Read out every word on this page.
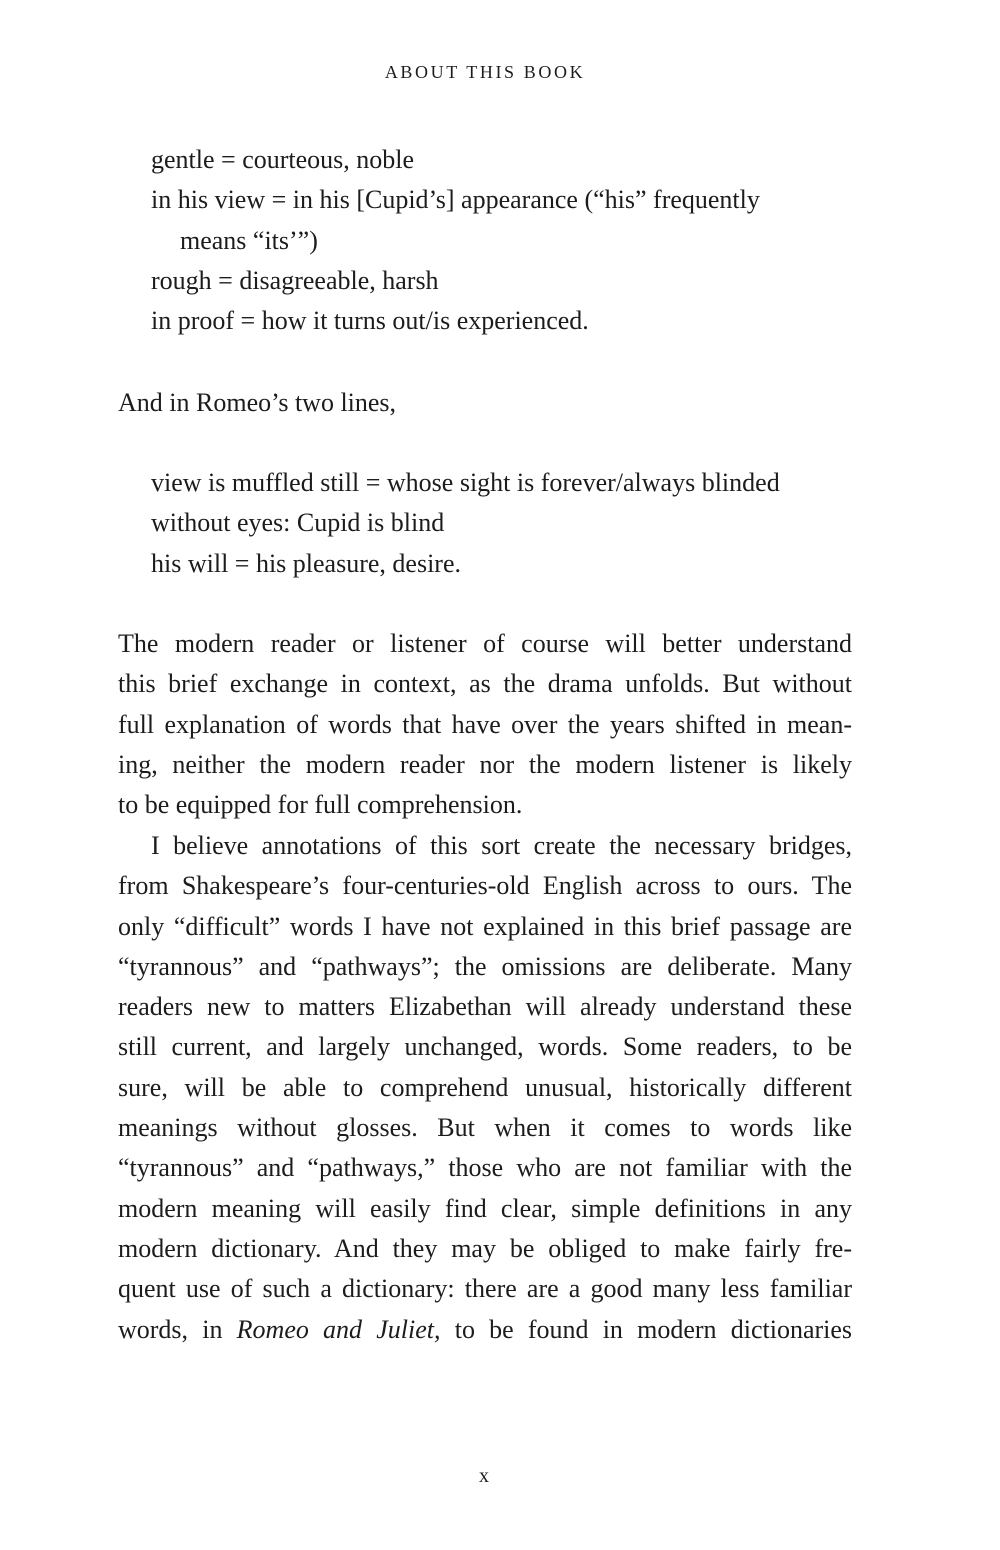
ABOUT THIS BOOK
gentle = courteous, noble
in his view = in his [Cupid’s] appearance (“his” frequently
means “its’”)
rough = disagreeable, harsh
in proof = how it turns out/is experienced.
And in Romeo’s two lines,
view is muffled still = whose sight is forever/always blinded
without eyes: Cupid is blind
his will = his pleasure, desire.
The modern reader or listener of course will better understand
this brief exchange in context, as the drama unfolds. But without
full explanation of words that have over the years shifted in mean-
ing, neither the modern reader nor the modern listener is likely
to be equipped for full comprehension.
I believe annotations of this sort create the necessary bridges,
from Shakespeare’s four-centuries-old English across to ours. The
only “difficult” words I have not explained in this brief passage are
“tyrannous” and “pathways”; the omissions are deliberate. Many
readers new to matters Elizabethan will already understand these
still current, and largely unchanged, words. Some readers, to be
sure, will be able to comprehend unusual, historically different
meanings without glosses. But when it comes to words like
“tyrannous” and “pathways,” those who are not familiar with the
modern meaning will easily find clear, simple definitions in any
modern dictionary. And they may be obliged to make fairly fre-
quent use of such a dictionary: there are a good many less familiar
words, in Romeo and Juliet, to be found in modern dictionaries
x
